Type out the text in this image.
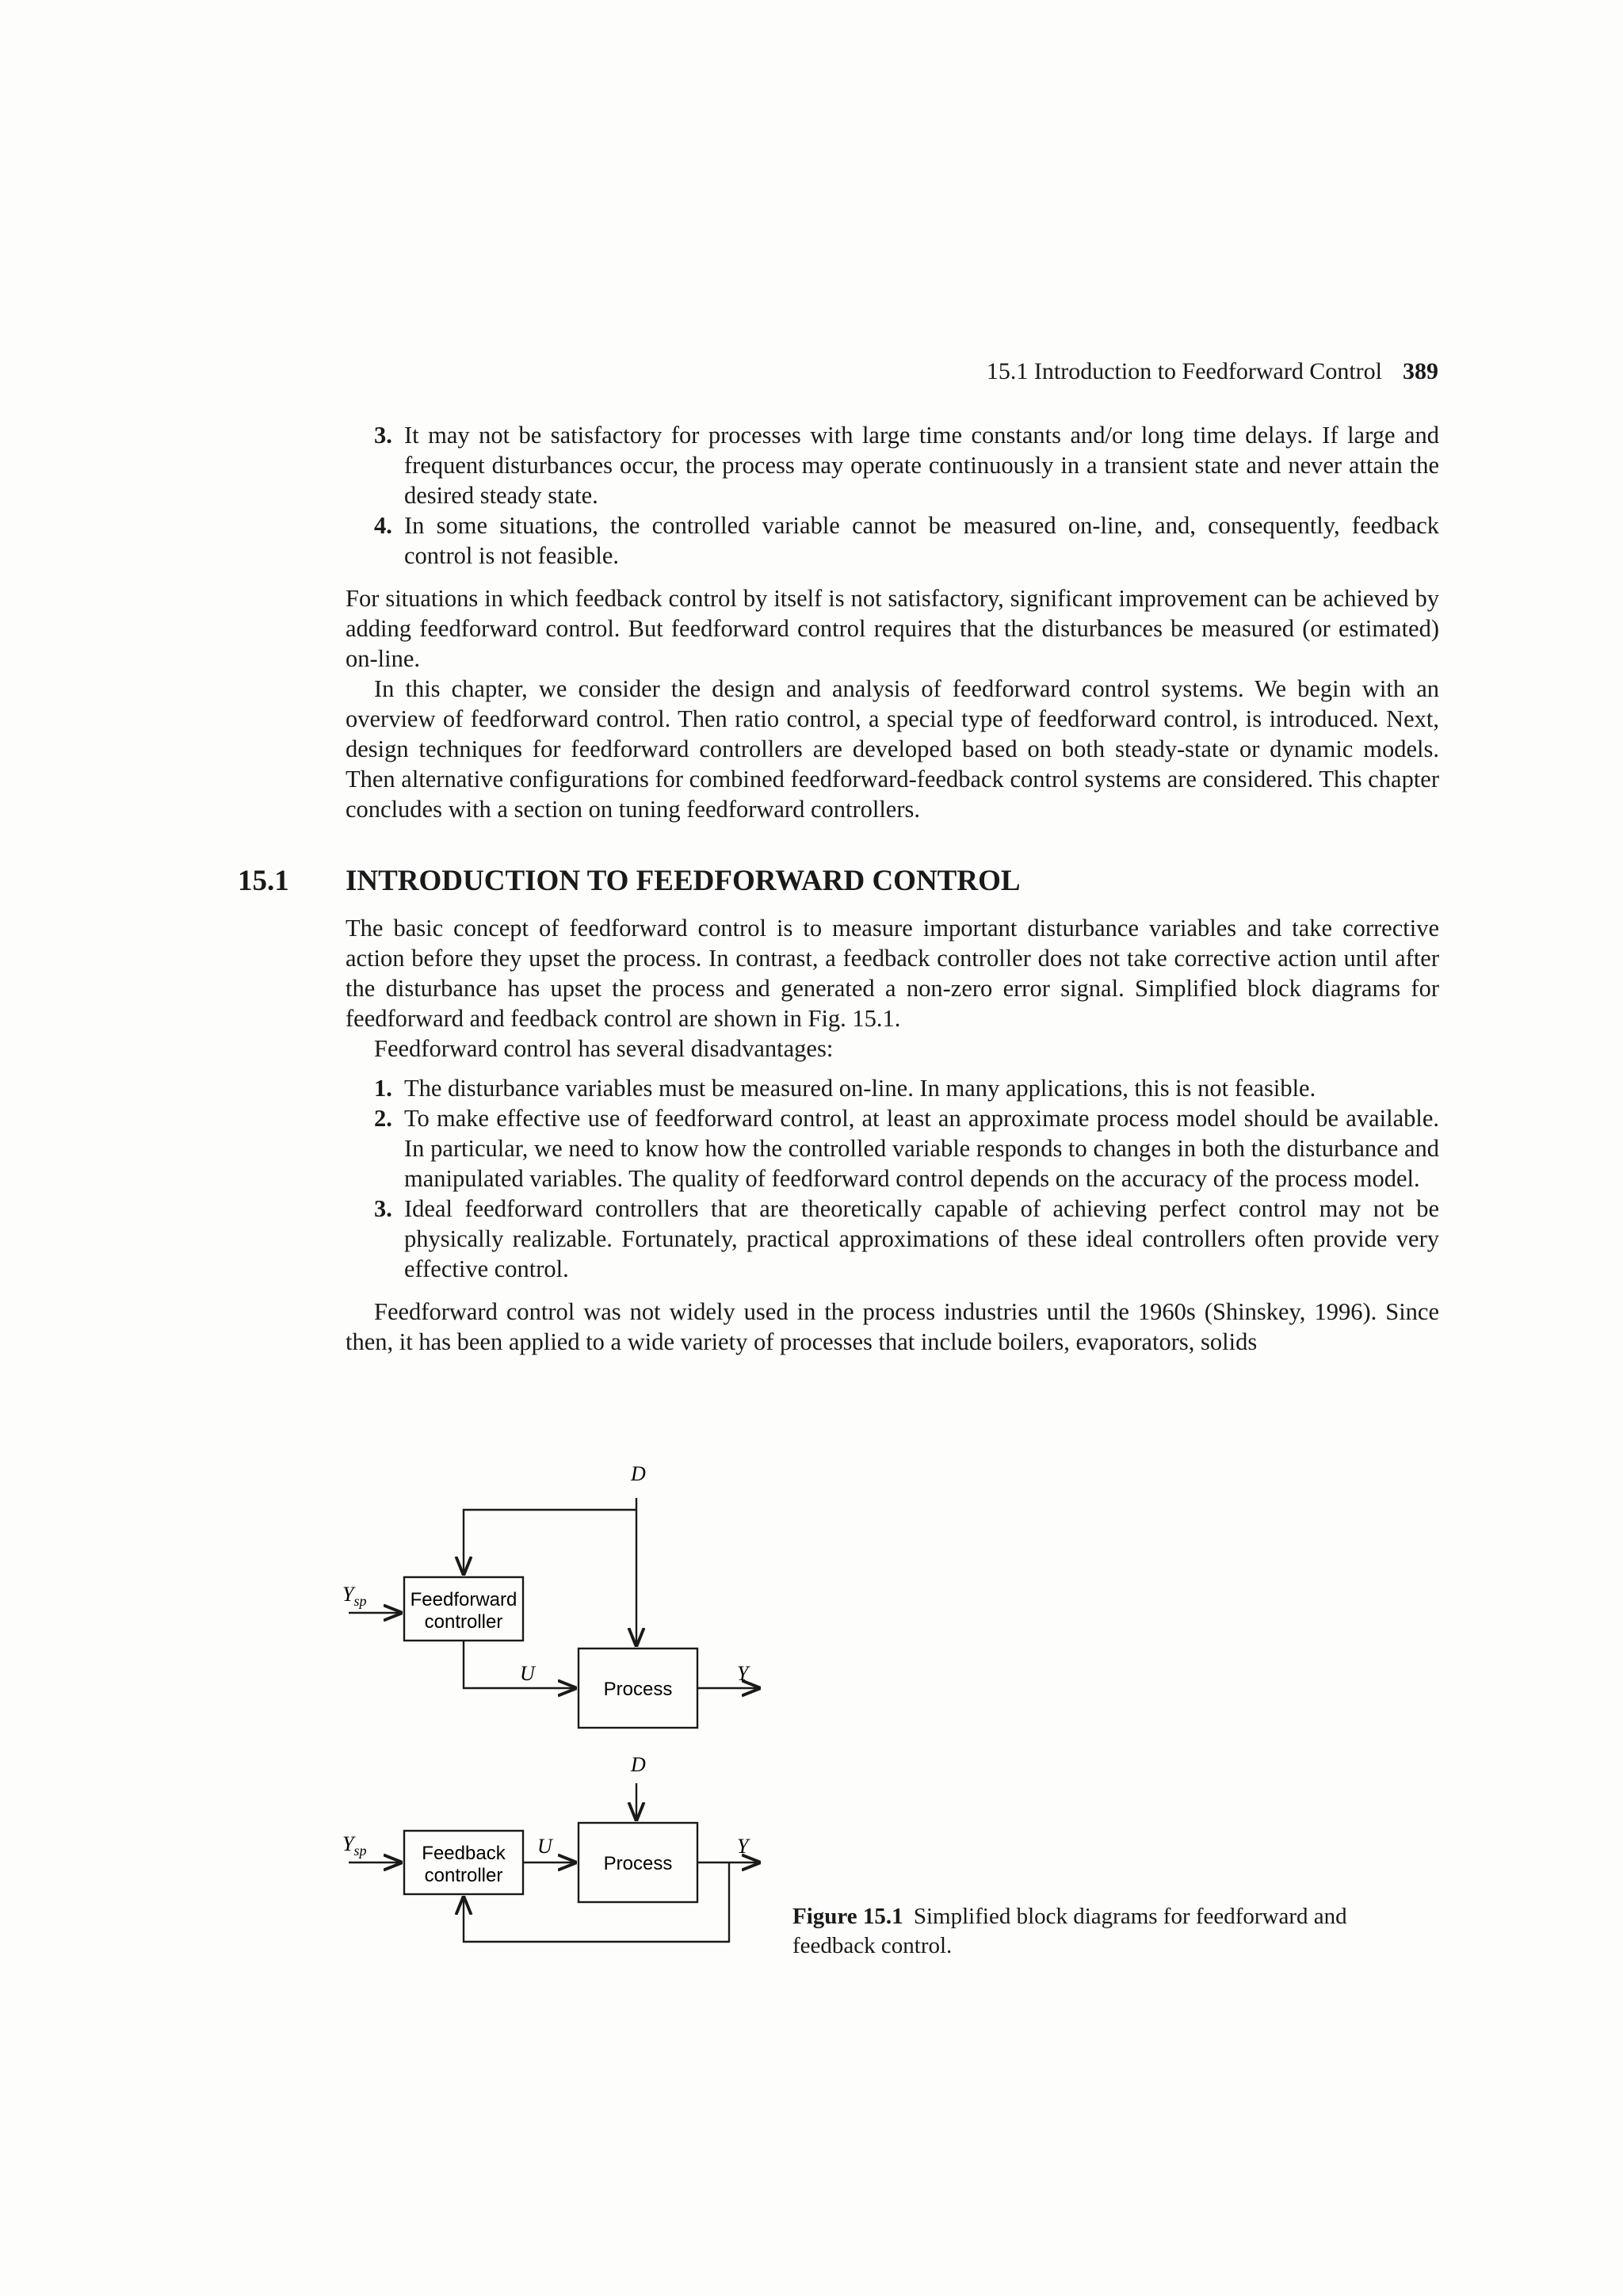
15.1 Introduction to Feedforward Control 389
3. It may not be satisfactory for processes with large time constants and/or long time delays. If large and frequent disturbances occur, the process may operate continuously in a transient state and never attain the desired steady state.
4. In some situations, the controlled variable cannot be measured on-line, and, consequently, feedback control is not feasible.

For situations in which feedback control by itself is not satisfactory, significant improvement can be achieved by adding feedforward control. But feedforward control requires that the disturbances be measured (or estimated) on-line.

In this chapter, we consider the design and analysis of feedforward control systems. We begin with an overview of feedforward control. Then ratio control, a special type of feedforward control, is introduced. Next, design techniques for feedforward controllers are developed based on both steady-state or dynamic models. Then alternative configurations for combined feedforward-feedback control systems are considered. This chapter concludes with a section on tuning feedforward controllers.

15.1 INTRODUCTION TO FEEDFORWARD CONTROL

The basic concept of feedforward control is to measure important disturbance variables and take corrective action before they upset the process. In contrast, a feedback controller does not take corrective action until after the disturbance has upset the process and generated a non-zero error signal. Simplified block diagrams for feedforward and feedback control are shown in Fig. 15.1.

Feedforward control has several disadvantages:

1. The disturbance variables must be measured on-line. In many applications, this is not feasible.
2. To make effective use of feedforward control, at least an approximate process model should be available. In particular, we need to know how the controlled variable responds to changes in both the disturbance and manipulated variables. The quality of feedforward control depends on the accuracy of the process model.
3. Ideal feedforward controllers that are theoretically capable of achieving perfect control may not be physically realizable. Fortunately, practical approximations of these ideal controllers often provide very effective control.

Feedforward control was not widely used in the process industries until the 1960s (Shinskey, 1996). Since then, it has been applied to a wide variety of processes that include boilers, evaporators, solids

D
$Y_{sp}$ Feedforward
controller
U
Process
Y
D
$Y_{sp}$	Feedback
controller
U
Process
Y
Figure 15.1 Simplified block diagrams for feedforward and feedback control.
